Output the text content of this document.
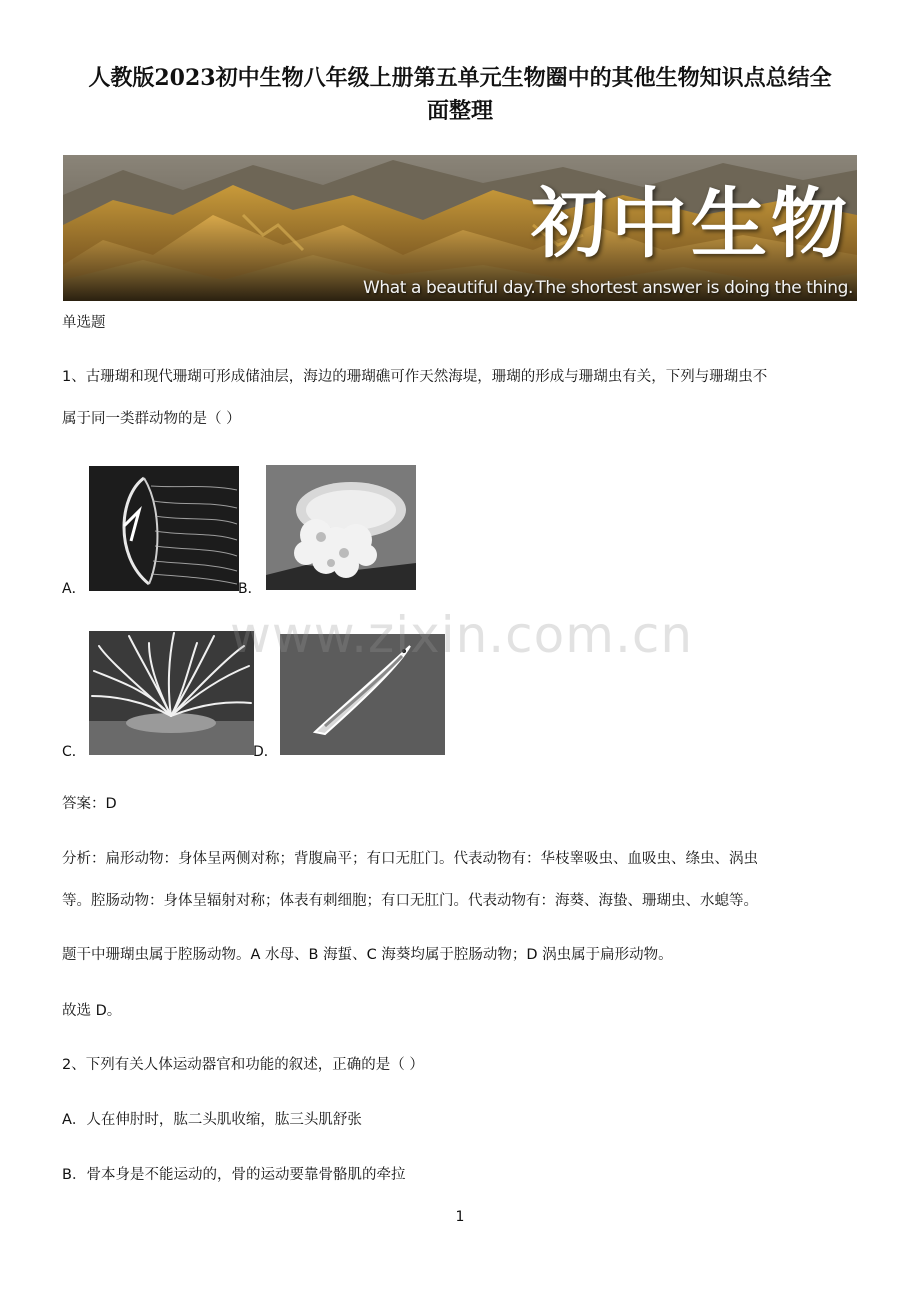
人教版2023初中生物八年级上册第五单元生物圈中的其他生物知识点总结全
面整理
初中生物
What a beautiful day.The shortest answer is doing the thing.
单选题
1、古珊瑚和现代珊瑚可形成储油层，海边的珊瑚礁可作天然海堤，珊瑚的形成与珊瑚虫有关，下列与珊瑚虫不
属于同一类群动物的是（ ）
A．	B．
C．	D．
www.zixin.com.cn
答案：D
分析：扁形动物：身体呈两侧对称；背腹扁平；有口无肛门。代表动物有：华枝睾吸虫、血吸虫、绦虫、涡虫
等。腔肠动物：身体呈辐射对称；体表有刺细胞；有口无肛门。代表动物有：海葵、海蛰、珊瑚虫、水螅等。
题干中珊瑚虫属于腔肠动物。A 水母、B 海蜇、C 海葵均属于腔肠动物；D 涡虫属于扁形动物。
故选 D。
2、下列有关人体运动器官和功能的叙述，正确的是（ ）
A．人在伸肘时，肱二头肌收缩，肱三头肌舒张
B．骨本身是不能运动的，骨的运动要靠骨骼肌的牵拉
1
